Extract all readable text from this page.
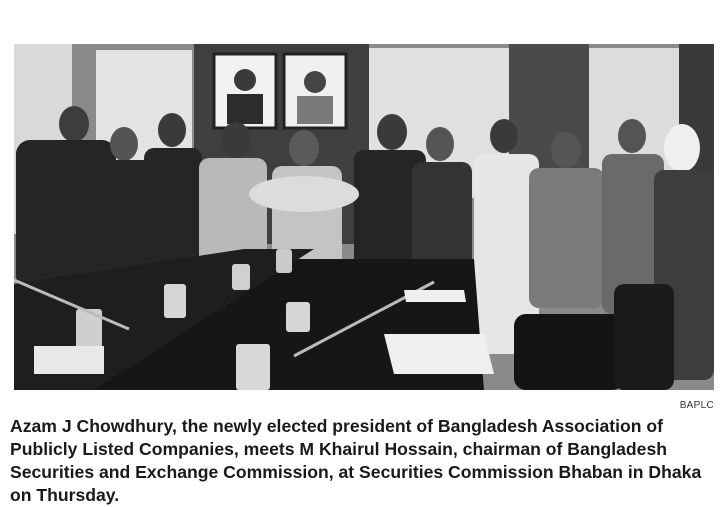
BAPLC

Azam J Chowdhury, the newly elected president of Bangladesh Association of Publicly Listed Companies, meets M Khairul Hossain, chairman of Bangladesh Securities and Exchange Commission, at Securities Commission Bhaban in Dhaka on Thursday.
